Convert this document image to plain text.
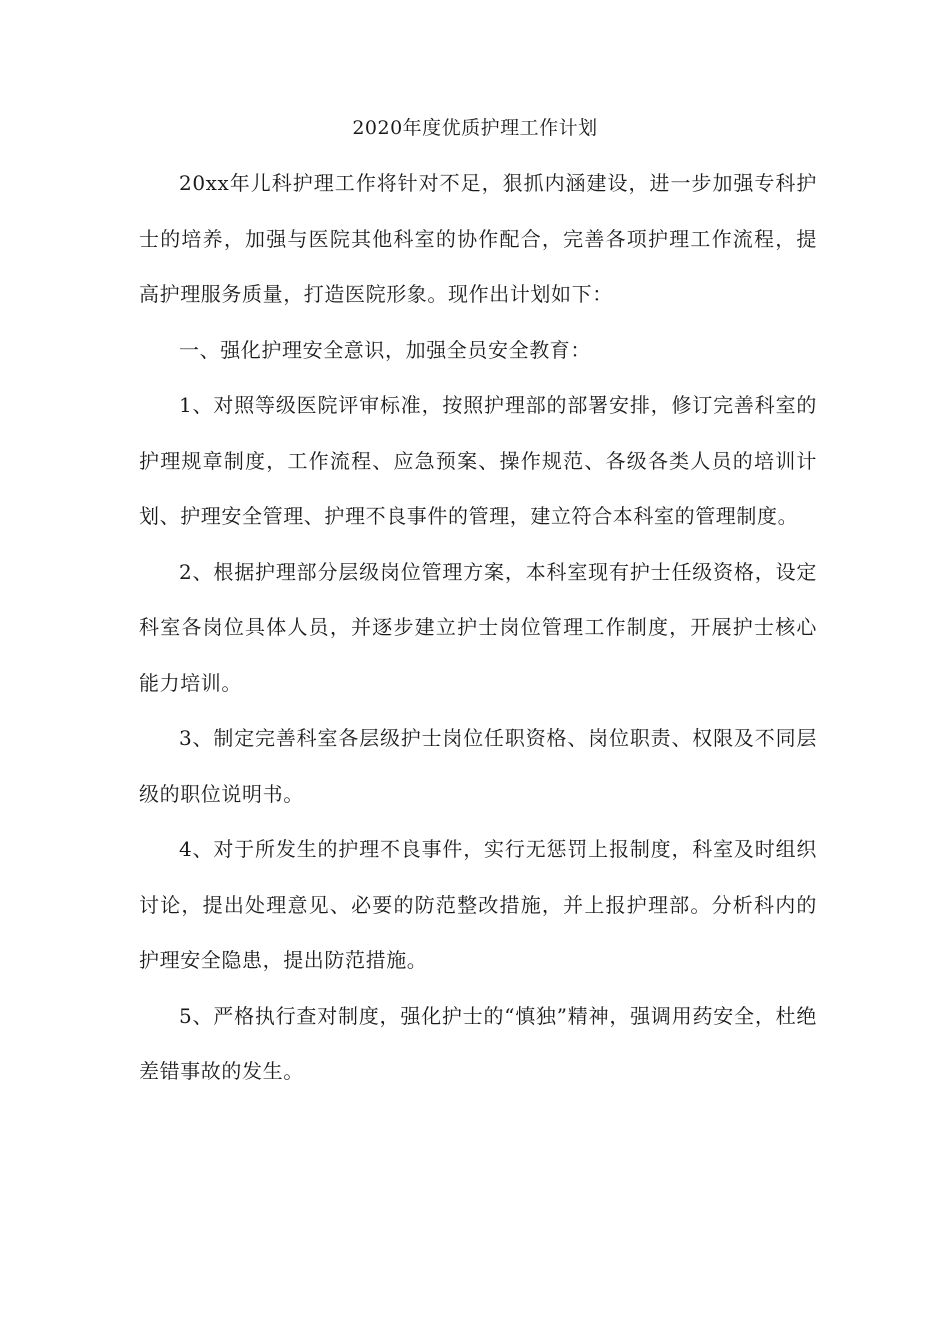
2020年度优质护理工作计划

20xx年儿科护理工作将针对不足，狠抓内涵建设，进一步加强专科护士的培养，加强与医院其他科室的协作配合，完善各项护理工作流程，提高护理服务质量，打造医院形象。现作出计划如下：

一、强化护理安全意识，加强全员安全教育：

1、对照等级医院评审标准，按照护理部的部署安排，修订完善科室的护理规章制度，工作流程、应急预案、操作规范、各级各类人员的培训计划、护理安全管理、护理不良事件的管理，建立符合本科室的管理制度。

2、根据护理部分层级岗位管理方案，本科室现有护士任级资格，设定科室各岗位具体人员，并逐步建立护士岗位管理工作制度，开展护士核心能力培训。

3、制定完善科室各层级护士岗位任职资格、岗位职责、权限及不同层级的职位说明书。

4、对于所发生的护理不良事件，实行无惩罚上报制度，科室及时组织讨论，提出处理意见、必要的防范整改措施，并上报护理部。分析科内的护理安全隐患，提出防范措施。

5、严格执行查对制度，强化护士的“慎独”精神，强调用药安全，杜绝差错事故的发生。
